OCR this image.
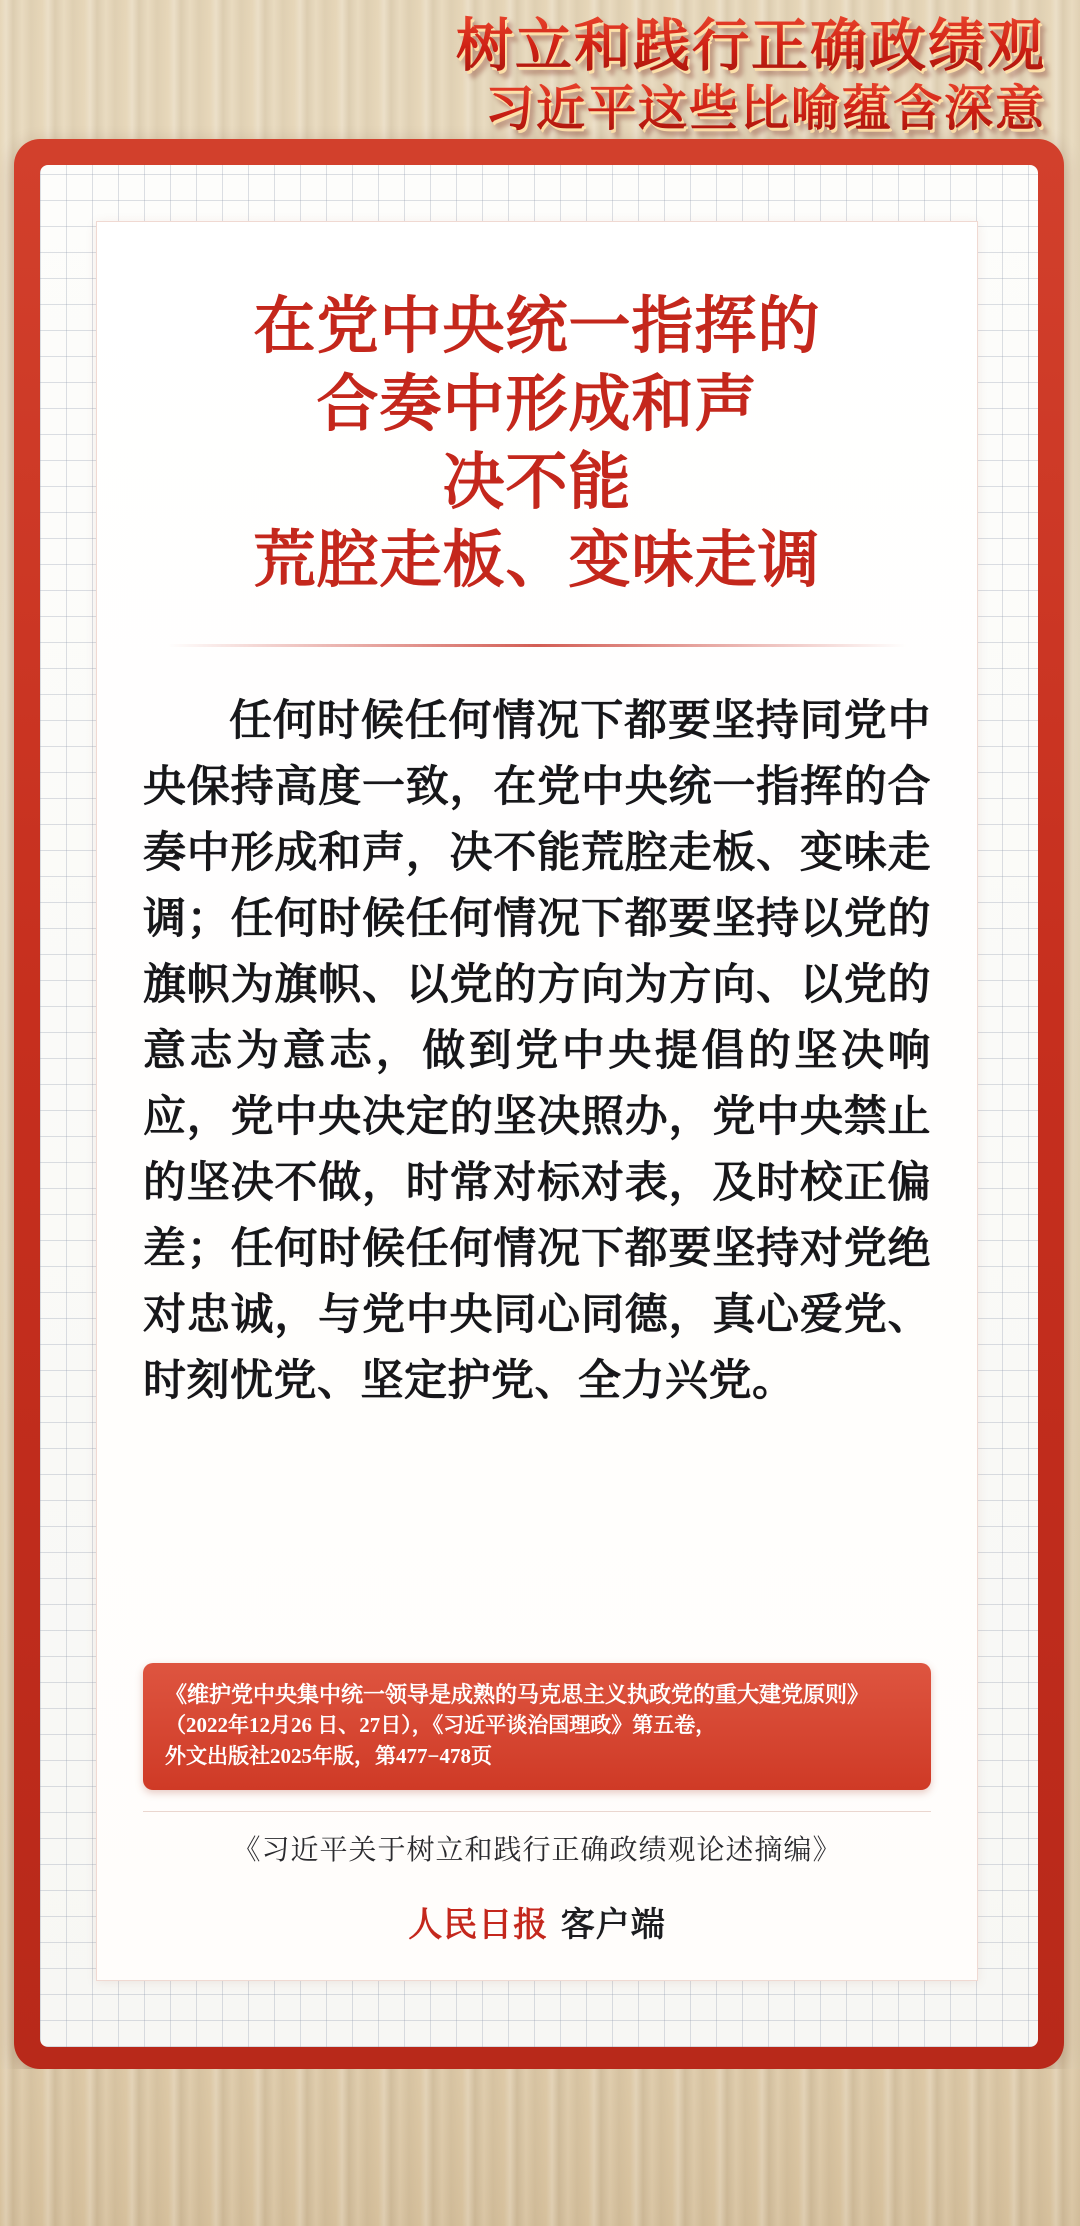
树立和践行正确政绩观
习近平这些比喻蕴含深意
在党中央统一指挥的
合奏中形成和声
决不能
荒腔走板、变味走调
任何时候任何情况下都要坚持同党中央保持高度一致，在党中央统一指挥的合奏中形成和声，决不能荒腔走板、变味走调；任何时候任何情况下都要坚持以党的旗帜为旗帜、以党的方向为方向、以党的意志为意志，做到党中央提倡的坚决响应，党中央决定的坚决照办，党中央禁止的坚决不做，时常对标对表，及时校正偏差；任何时候任何情况下都要坚持对党绝对忠诚，与党中央同心同德，真心爱党、时刻忧党、坚定护党、全力兴党。
《维护党中央集中统一领导是成熟的马克思主义执政党的重大建党原则》
（2022年12月26 日、27日），《习近平谈治国理政》第五卷，
外文出版社2025年版，第477−478页
《习近平关于树立和践行正确政绩观论述摘编》
人民日报 客户端
